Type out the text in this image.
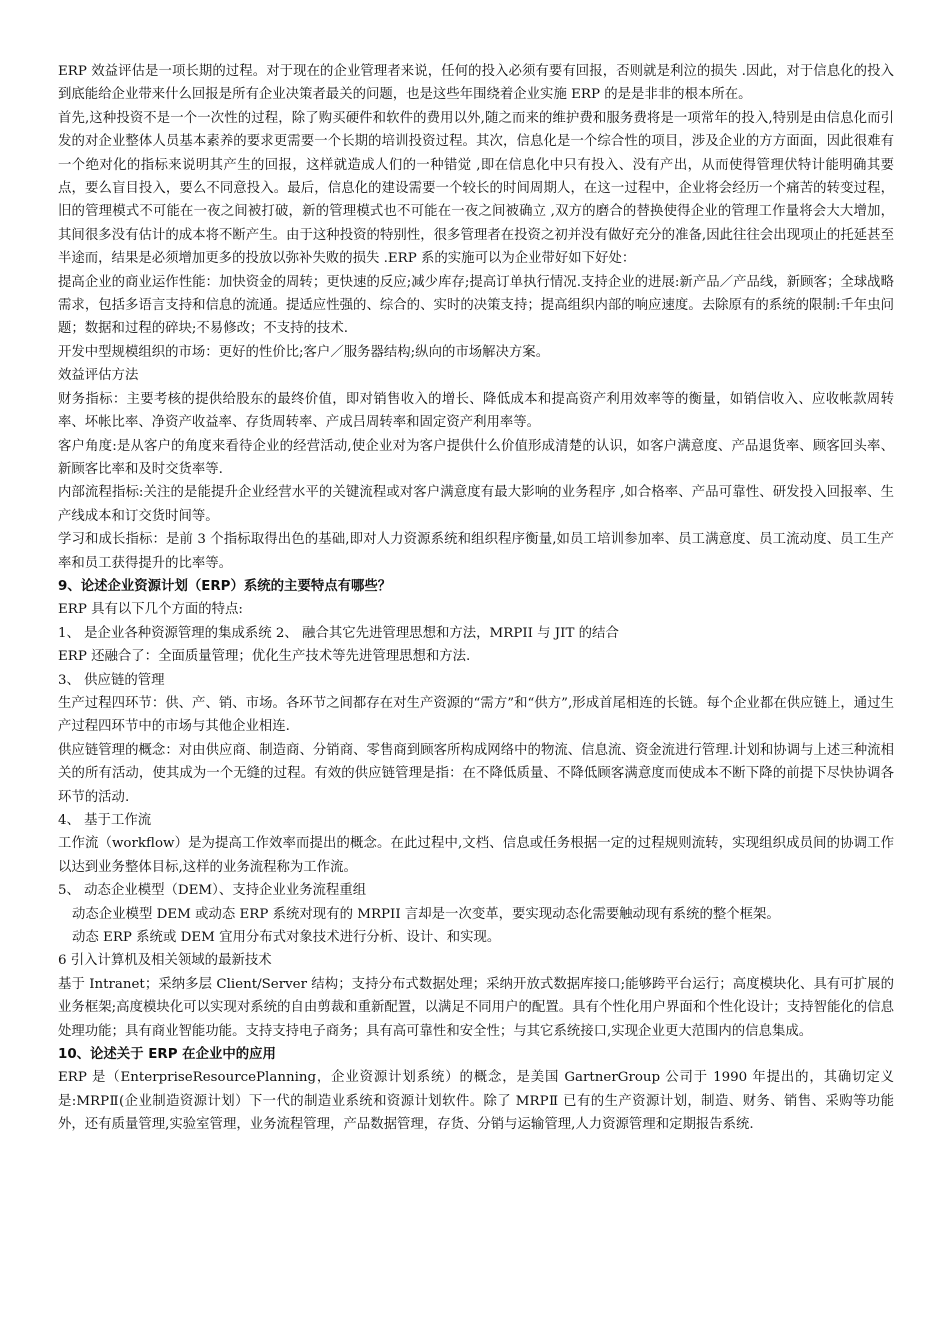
ERP 效益评估是一项长期的过程。对于现在的企业管理者来说，任何的投入必须有要有回报，否则就是利泣的损失 .因此，对于信息化的投入到底能给企业带来什么回报是所有企业决策者最关的问题，也是这些年围绕着企业实施 ERP 的是是非非的根本所在。

首先,这种投资不是一个一次性的过程，除了购买硬件和软件的费用以外,随之而来的维护费和服务费将是一项常年的投入,特别是由信息化而引发的对企业整体人员基本素养的要求更需要一个长期的培训投资过程。其次，信息化是一个综合性的项目，涉及企业的方方面面，因此很难有一个绝对化的指标来说明其产生的回报，这样就造成人们的一种错觉 ,即在信息化中只有投入、没有产出，从而使得管理伏特计能明确其要点，要么盲目投入，要么不同意投入。最后，信息化的建设需要一个较长的时间周期人，在这一过程中，企业将会经历一个痛苦的转变过程，旧的管理模式不可能在一夜之间被打破，新的管理模式也不可能在一夜之间被确立 ,双方的磨合的替换使得企业的管理工作量将会大大增加，其间很多没有估计的成本将不断产生。由于这种投资的特别性，很多管理者在投资之初并没有做好充分的准备,因此往往会出现项止的托延甚至半途而，结果是必须增加更多的投放以弥补失败的损失 .ERP 系的实施可以为企业带好如下好处：

提高企业的商业运作性能：加快资金的周转；更快速的反应;减少库存;提高订单执行情况.支持企业的进展:新产品／产品线，新顾客；全球战略需求，包括多语言支持和信息的流通。提适应性强的、综合的、实时的决策支持；提高组织内部的响应速度。去除原有的系统的限制:千年虫问题；数据和过程的碎块;不易修改；不支持的技术.

开发中型规模组织的市场：更好的性价比;客户／服务器结构;纵向的市场解决方案。

效益评估方法

财务指标：主要考核的提供给股东的最终价值，即对销售收入的增长、降低成本和提高资产利用效率等的衡量，如销信收入、应收帐款周转率、坏帐比率、净资产收益率、存货周转率、产成吕周转率和固定资产利用率等。

客户角度:是从客户的角度来看待企业的经营活动,使企业对为客户提供什么价值形成清楚的认识，如客户满意度、产品退货率、顾客回头率、新顾客比率和及时交货率等.

内部流程指标:关注的是能提升企业经营水平的关键流程或对客户满意度有最大影响的业务程序 ,如合格率、产品可靠性、研发投入回报率、生产线成本和订交货时间等。

学习和成长指标：是前 3 个指标取得出色的基础,即对人力资源系统和组织程序衡量,如员工培训参加率、员工满意度、员工流动度、员工生产率和员工获得提升的比率等。

9、论述企业资源计划（ERP）系统的主要特点有哪些？

ERP 具有以下几个方面的特点:

1、 是企业各种资源管理的集成系统 2、 融合其它先进管理思想和方法，MRPII 与 JIT 的结合

ERP 还融合了：全面质量管理；优化生产技术等先进管理思想和方法.

3、 供应链的管理

生产过程四环节：供、产、销、市场。各环节之间都存在对生产资源的“需方”和“供方”,形成首尾相连的长链。每个企业都在供应链上，通过生产过程四环节中的市场与其他企业相连.

供应链管理的概念：对由供应商、制造商、分销商、零售商到顾客所构成网络中的物流、信息流、资金流进行管理.计划和协调与上述三种流相关的所有活动，使其成为一个无缝的过程。有效的供应链管理是指：在不降低质量、不降低顾客满意度而使成本不断下降的前提下尽快协调各环节的活动.

4、 基于工作流

工作流（workflow）是为提高工作效率而提出的概念。在此过程中,文档、信息或任务根据一定的过程规则流转，实现组织成员间的协调工作以达到业务整体目标,这样的业务流程称为工作流。

5、 动态企业模型（DEM）、支持企业业务流程重组

动态企业模型 DEM 或动态 ERP 系统对现有的 MRPII 言却是一次变革，要实现动态化需要触动现有系统的整个框架。

动态 ERP 系统或 DEM 宜用分布式对象技术进行分析、设计、和实现。

6 引入计算机及相关领域的最新技术

基于 Intranet；采纳多层 Client/Server 结构；支持分布式数据处理；采纳开放式数据库接口;能够跨平台运行；高度模块化、具有可扩展的业务框架;高度模块化可以实现对系统的自由剪裁和重新配置，以满足不同用户的配置。具有个性化用户界面和个性化设计；支持智能化的信息处理功能；具有商业智能功能。支持支持电子商务；具有高可靠性和安全性；与其它系统接口,实现企业更大范围内的信息集成。

10、论述关于 ERP 在企业中的应用

ERP 是（EnterpriseResourcePlanning，企业资源计划系统）的概念，是美国 GartnerGroup 公司于 1990 年提出的，其确切定义是:MRPⅡ(企业制造资源计划）下一代的制造业系统和资源计划软件。除了 MRPⅡ 已有的生产资源计划，制造、财务、销售、采购等功能外，还有质量管理,实验室管理，业务流程管理，产品数据管理，存货、分销与运输管理,人力资源管理和定期报告系统.
